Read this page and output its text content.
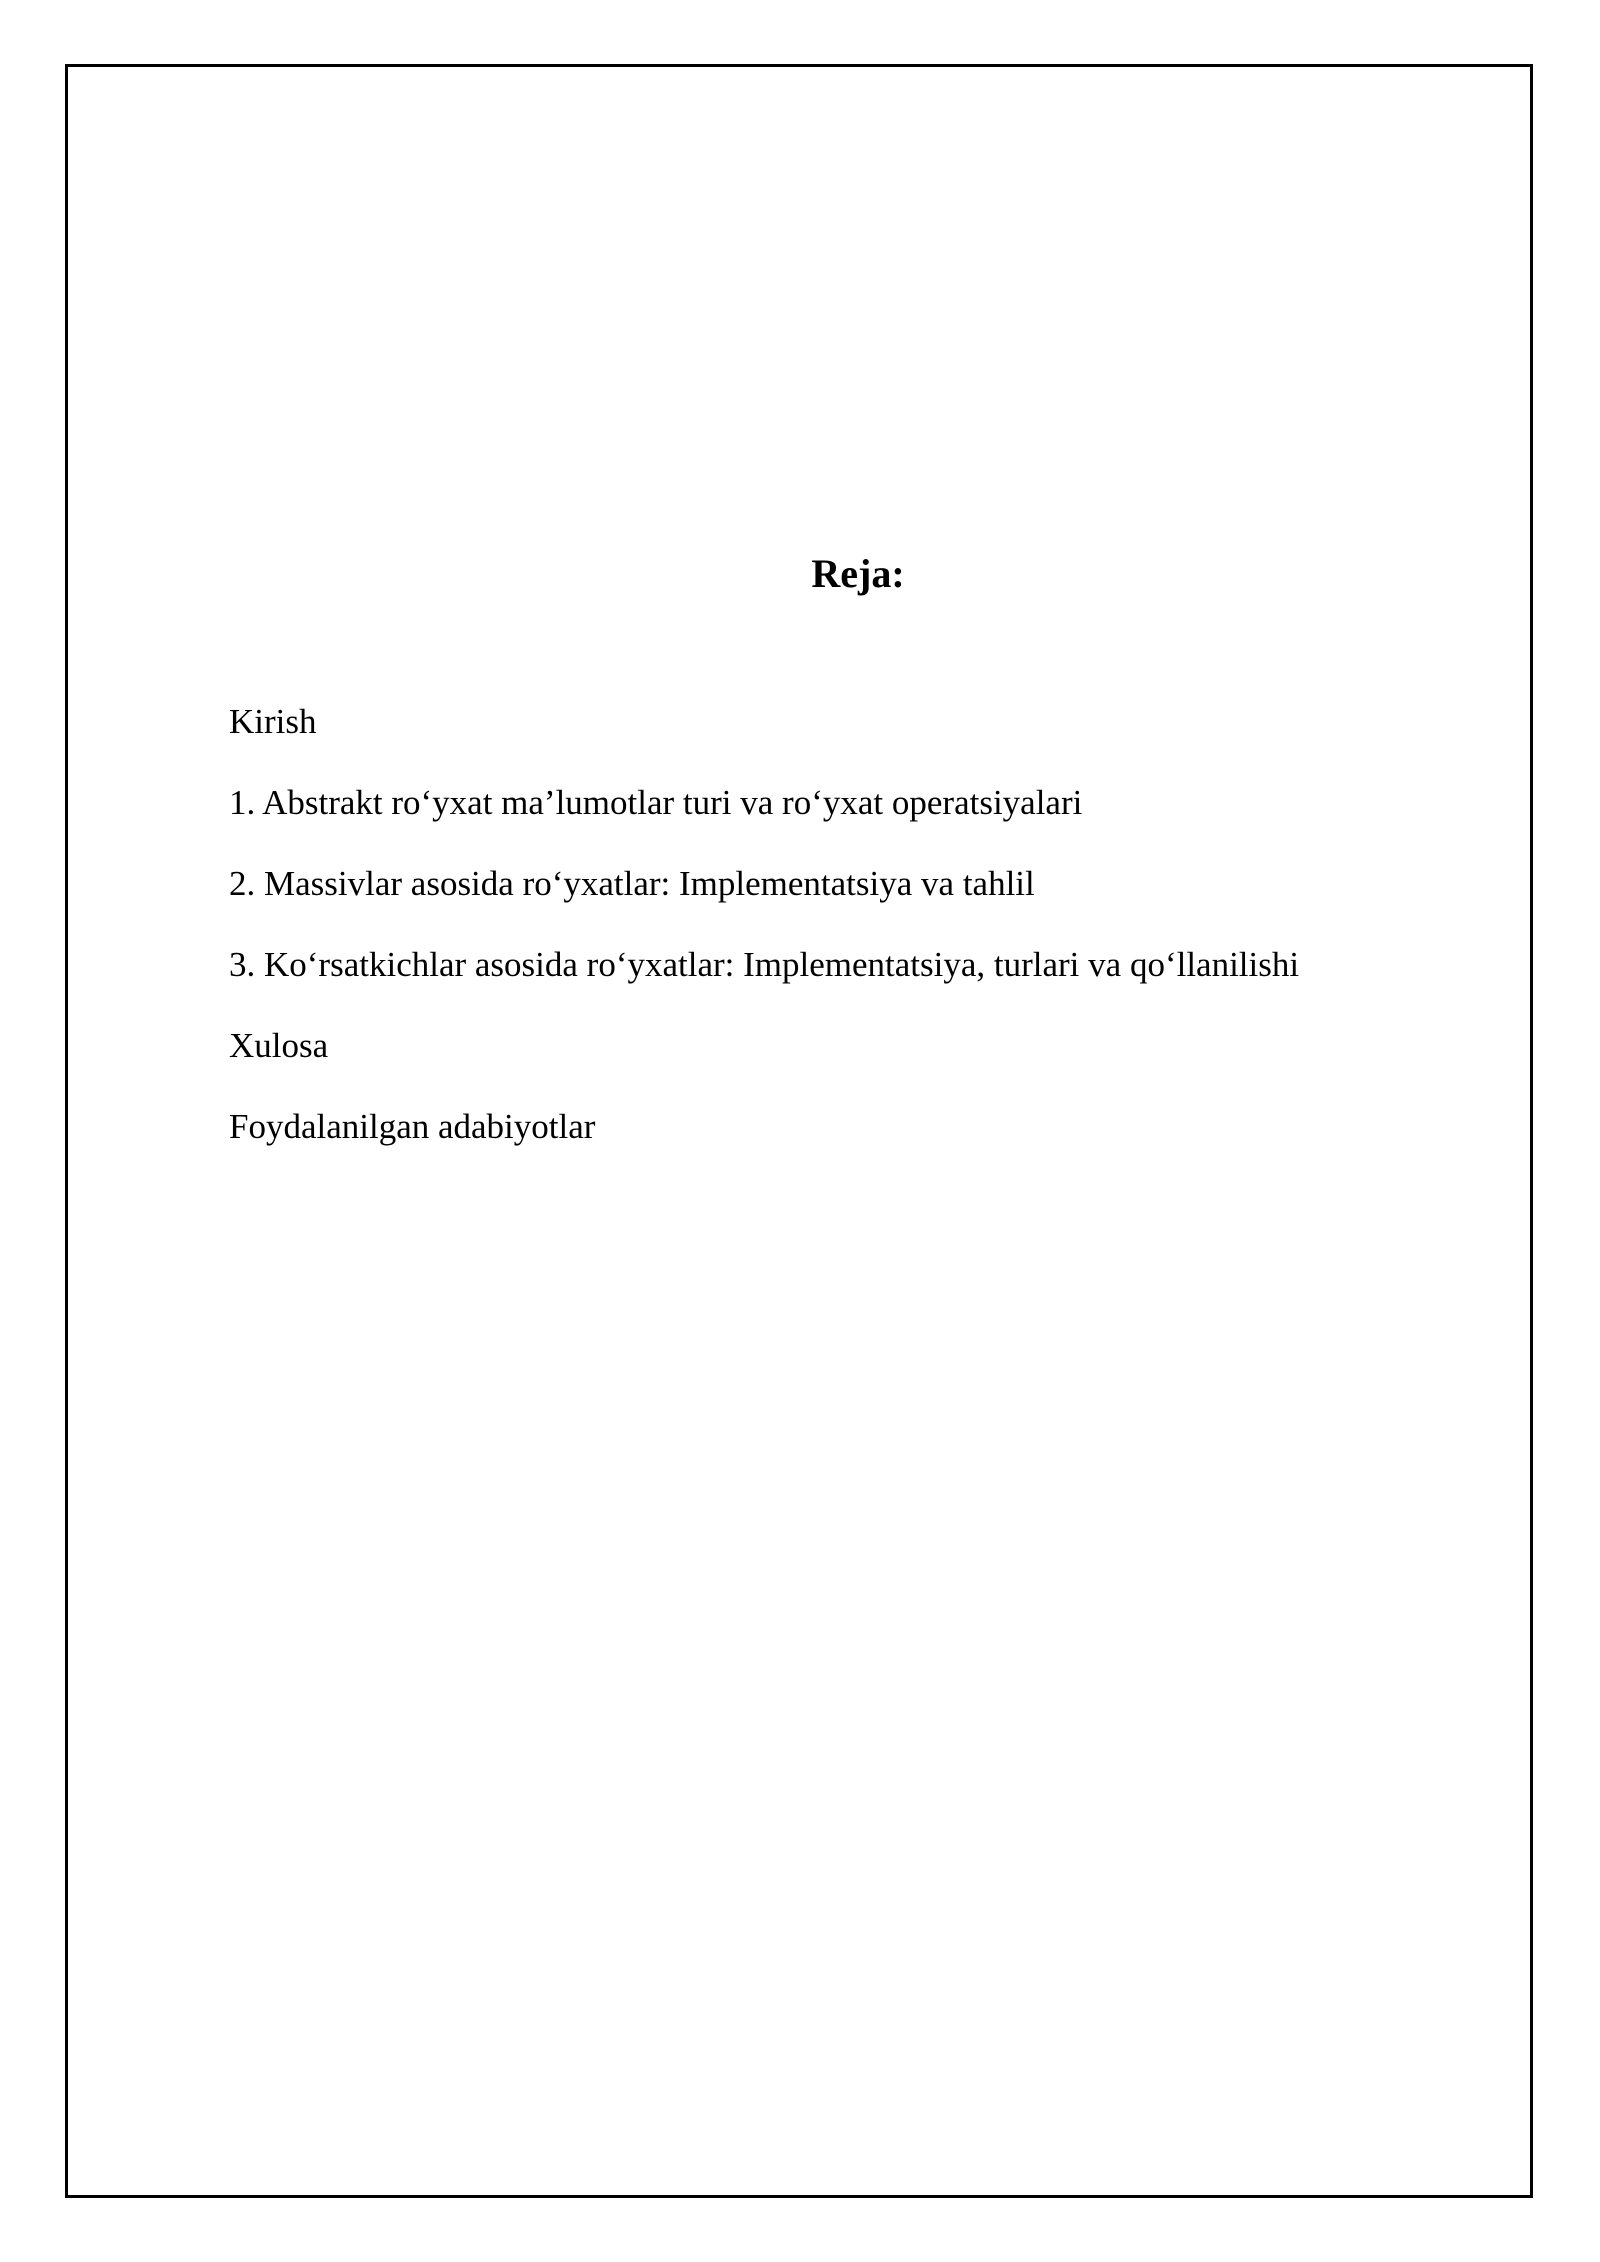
Reja:
Kirish
1. Abstrakt ro‘yxat ma’lumotlar turi va ro‘yxat operatsiyalari
2. Massivlar asosida ro‘yxatlar: Implementatsiya va tahlil
3. Ko‘rsatkichlar asosida ro‘yxatlar: Implementatsiya, turlari va qo‘llanilishi
Xulosa
Foydalanilgan adabiyotlar
